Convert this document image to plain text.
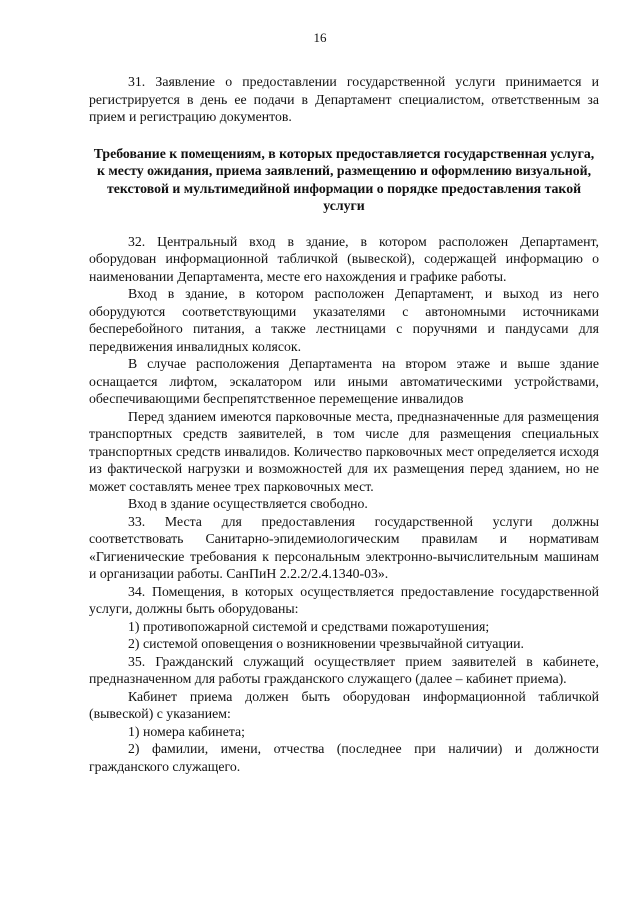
16

31. Заявление о предоставлении государственной услуги принимается и регистрируется в день ее подачи в Департамент специалистом, ответственным за прием и регистрацию документов.

Требование к помещениям, в которых предоставляется государственная услуга, к месту ожидания, приема заявлений, размещению и оформлению визуальной, текстовой и мультимедийной информации о порядке предоставления такой услуги

32. Центральный вход в здание, в котором расположен Департамент, оборудован информационной табличкой (вывеской), содержащей информацию о наименовании Департамента, месте его нахождения и графике работы.

Вход в здание, в котором расположен Департамент, и выход из него оборудуются соответствующими указателями с автономными источниками бесперебойного питания, а также лестницами с поручнями и пандусами для передвижения инвалидных колясок.

В случае расположения Департамента на втором этаже и выше здание оснащается лифтом, эскалатором или иными автоматическими устройствами, обеспечивающими беспрепятственное перемещение инвалидов

Перед зданием имеются парковочные места, предназначенные для размещения транспортных средств заявителей, в том числе для размещения специальных транспортных средств инвалидов. Количество парковочных мест определяется исходя из фактической нагрузки и возможностей для их размещения перед зданием, но не может составлять менее трех парковочных мест.

Вход в здание осуществляется свободно.

33. Места для предоставления государственной услуги должны соответствовать Санитарно-эпидемиологическим правилам и нормативам «Гигиенические требования к персональным электронно-вычислительным машинам и организации работы. СанПиН 2.2.2/2.4.1340-03».

34. Помещения, в которых осуществляется предоставление государственной услуги, должны быть оборудованы:

1) противопожарной системой и средствами пожаротушения;

2) системой оповещения о возникновении чрезвычайной ситуации.

35. Гражданский служащий осуществляет прием заявителей в кабинете, предназначенном для работы гражданского служащего (далее – кабинет приема).

Кабинет приема должен быть оборудован информационной табличкой (вывеской) с указанием:

1) номера кабинета;

2) фамилии, имени, отчества (последнее при наличии) и должности гражданского служащего.
